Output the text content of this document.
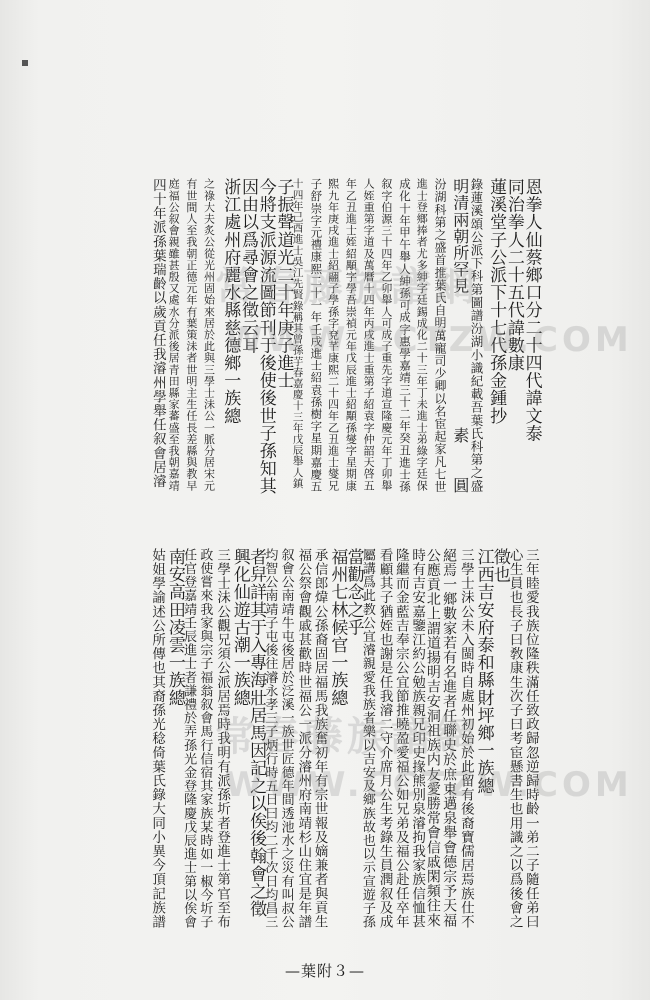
恩拳人仙蔡鄉口分二十四代諱文泰
同治拳人二十五代諱數康
蓮溪堂子公派下十七代孫金鍾抄
錄蓮溪頌公派下科第圖譜汾湖小識紀載吾葉氏科第之盛
明清兩朝所罕見　　　　　　　　素　　圓
汾湖科第之盛首推葉氏自明萬寵司少卿以名宦起家凡七世
進士登鄉捧者尤多紳字廷錫成化二十三年丁未進士弟綠字廷保
成化十年甲午舉人紳孫可成字惠學嘉靖三十二年癸丑進士孫
叙字伯源三十四年乙卯舉人可成子重先字道宣隆慶元年丁卯舉
人姪重第字道及萬曆十四年丙戌進士重第子紹袁字仲韶天啓五
年乙丑進士姪紹顒字學吾崇禎元年戊辰進士紹顒孫燮字星期康
熙九年庚戌進士紹翮子學孫字兗芊康熙二十四年乙丑進士燮兄
子舒崇字元禮康熙二十一年壬戌進士紹袁孫樹字星期嘉慶五
十四年己酉進士吳江先賢錄稱其曾孫芋春嘉慶十三年戊辰舉人鎮
子振聲道光二十年庚子進士
今將支派源流圖節刊于後使後世子孫知其
因由以爲尋會之徵云耳
浙江處州府麗水縣慈德鄉一族總
之祿大夫炙公從光州固始來居於此與三學士沬公一脈分居宋元
有世間人至我朝正德元年有葉策沬者世明主生任長差縣與教早
庭福公叙會親雖甚殷又處水分派後居青田縣家蕃盛至我朝嘉靖
四十年派孫葉瑞齡以歲貢任我濬州學舉任叙會居濬
三年睦愛我族位隆秩滿任致政歸忽逆歸時齡一弟二子隨任弟曰
心生員也長子曰敎康生次子曰考宦懸書生也用識之以爲後會之
徵也
江西吉安府泰和縣財坪鄉一族總
三學士沬公未入閩時自處州初始於此留有後裔寶儒居焉族仕不
絕焉一鄉數家若有名進者任聯史於庶東邁泉舉會德宗予天福
公應貢北上謂道揚明吉安洞祖族内友愛勝常會信戚閑頻往來
時有吉安嘉鑒江約公勉族親兄印史掾熊別泉濬拘我家族信恤甚
隆繼而金藍吉奉宗公宜節推曉盈愛福公如兄弟及福公赴任卒年
看顧其子猶姪也謝是任我濬二守介席月公生考錄生員潤叙及成
屬講爲此教公宜濬親愛我族者樂以吉安及鄉族故也以示宣遊子孫
當勸念之乎
福州七林候官一族總
承信郎煒公孫裔固居福馬我族奮初年有宗世報及嫡兼者與貢生
福公祭會觀戚甚歡時世福公一派分濬州府南靖杉山住宜是年譜
叙會公南靖牛屯後居於泛溪一族世匠德年間透池水之災有叫叔公
均智公南靖子屯後往濬永孝三子炳行時五日曰均二千次日均昌三
者舁詳其于入專海壯居馬因記之以俟後翰會之徵
興化仙遊古潮一族總
三學士沬公觀兄須公派居焉時我明有派孫圻者登進士第官至布
政使嘗來我家與宗子福翁叙會馬行信宿其家族某時如一椒今圻子
任官登嘉靖壬辰進士者謙禮於弄孫光金登隆慶戊辰進士第以俟會
南安高田凌雲一族總
姑姐學諭述公所傳也其裔孫光稔倚葉氏錄大同小異今頂記族譜
常春藤族譜網
WWW.CCTZW.COM
常春藤族譜網
WWW.CCTZW.COM
—葉附３—
